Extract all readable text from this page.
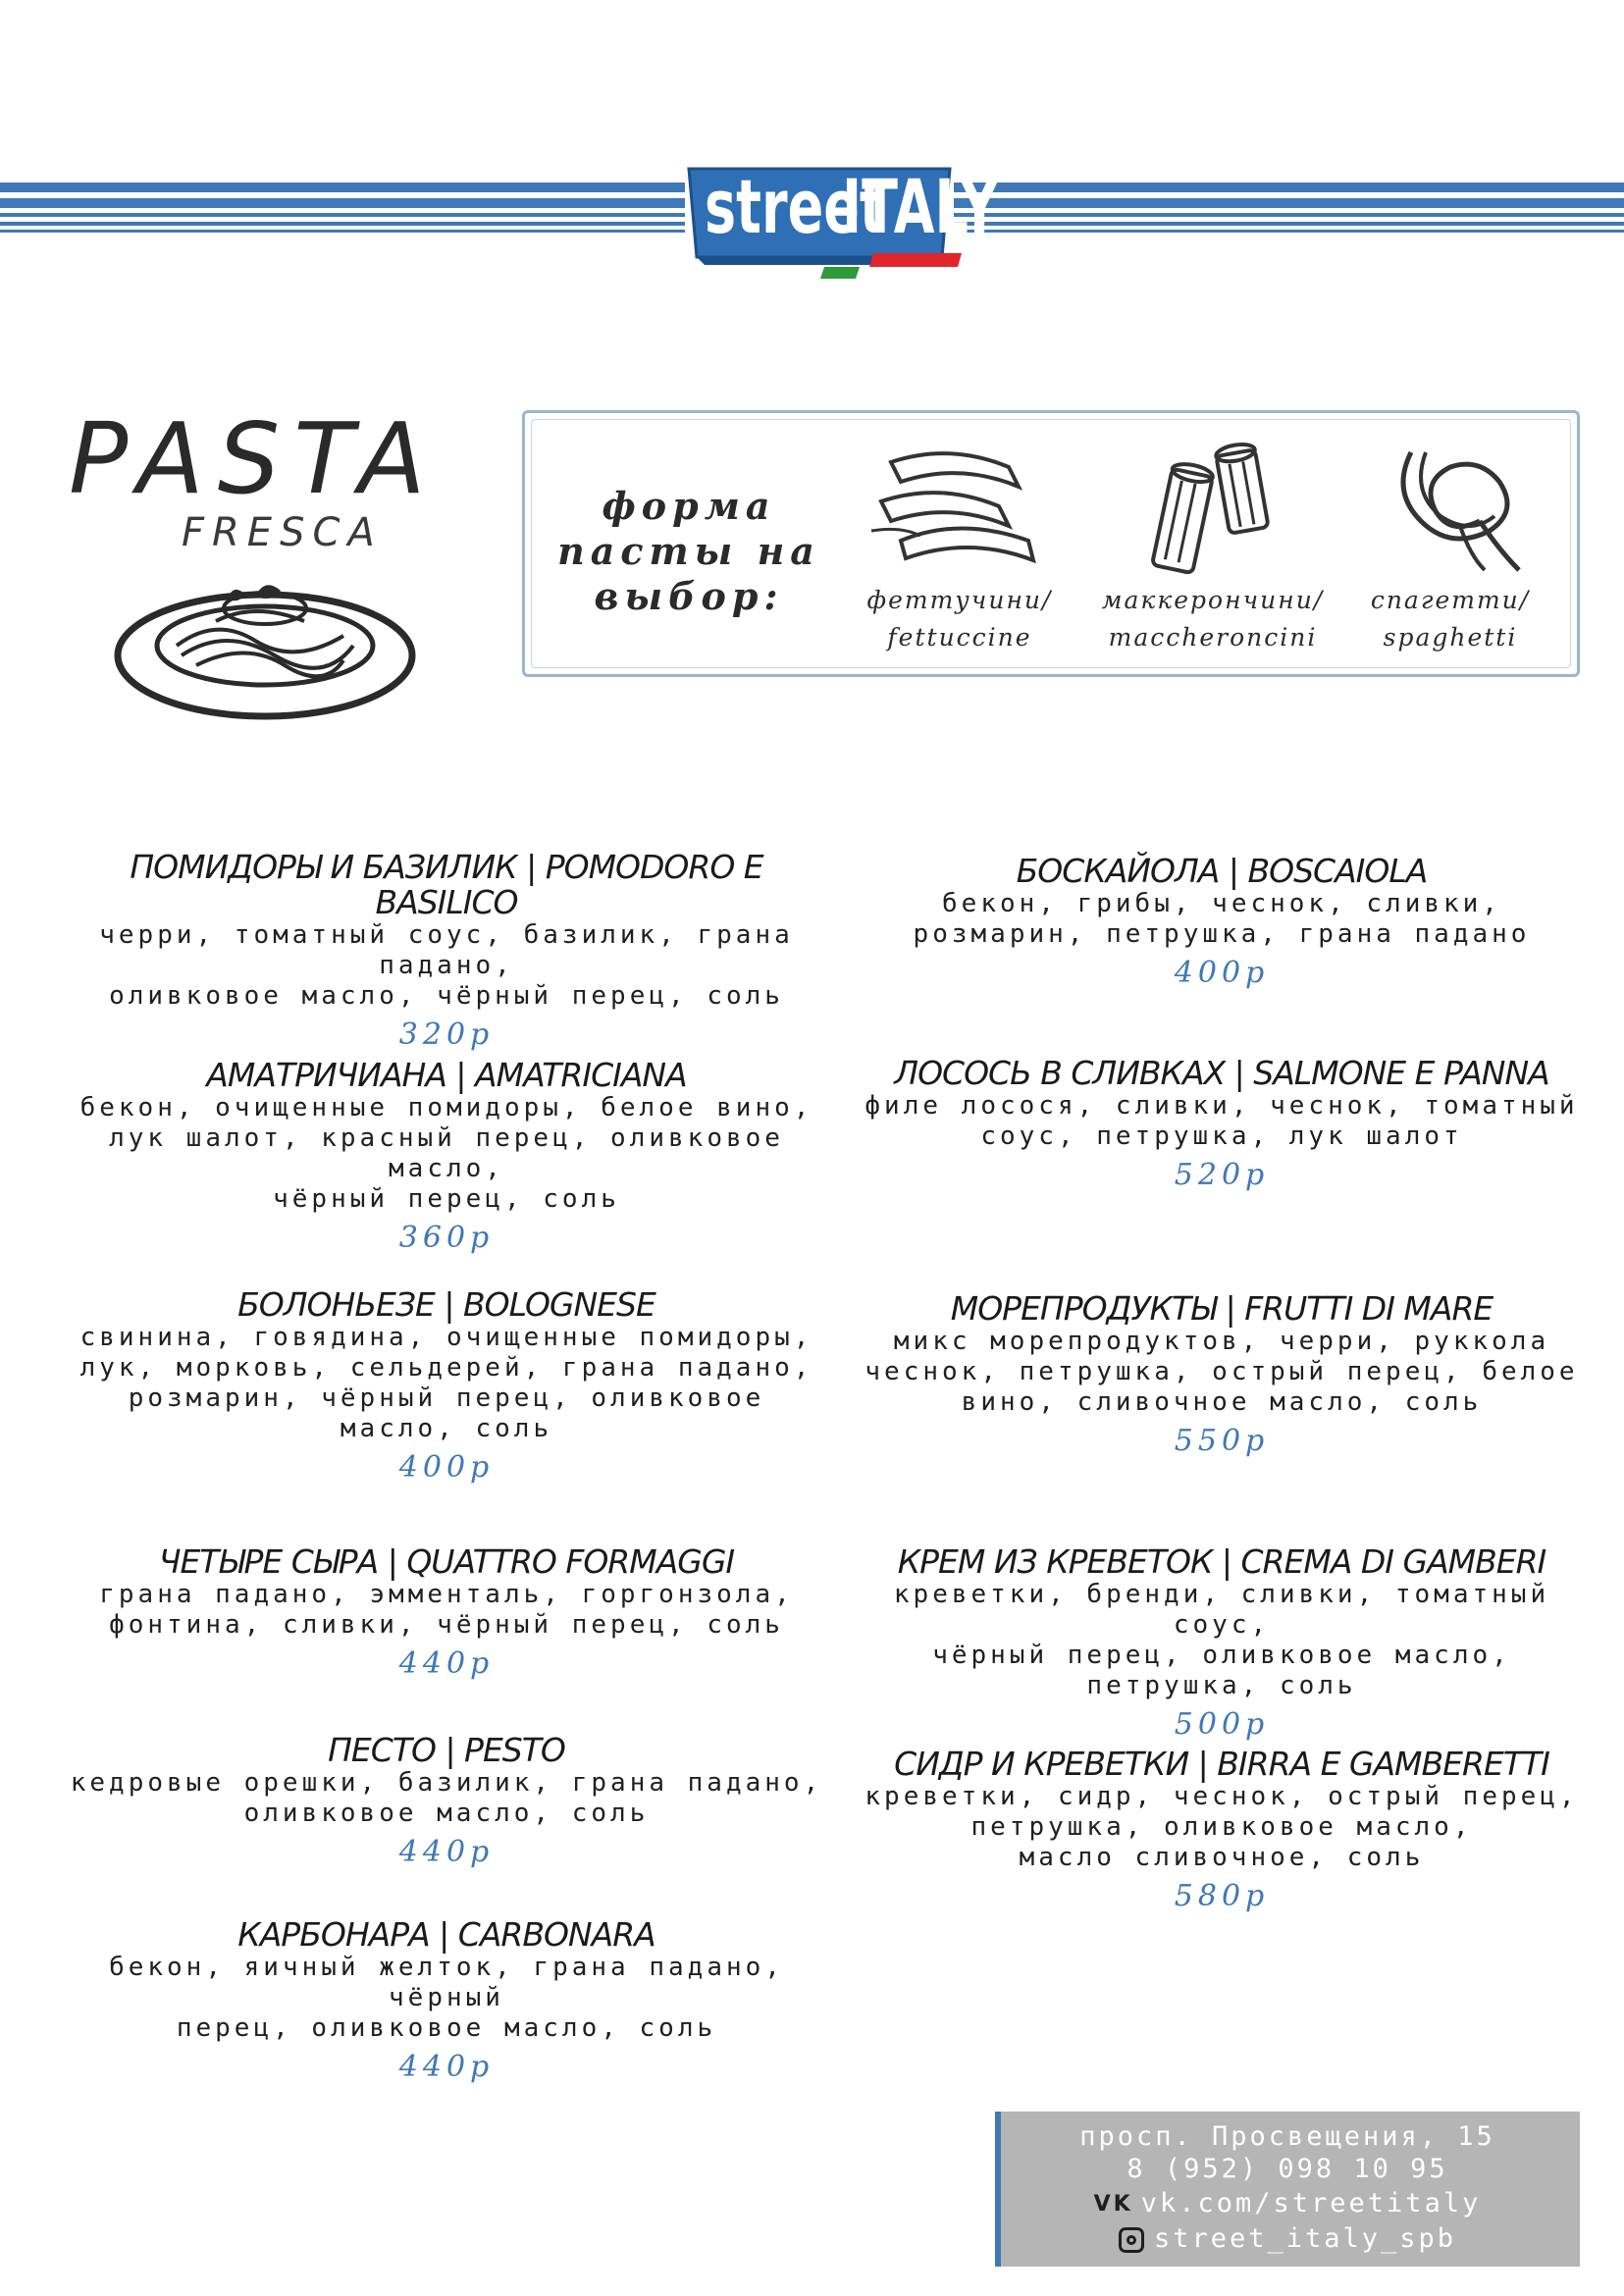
street
ITALY
PASTA
FRESCA
форма
пасты на
выбор:	феттучини/
fettuccine
маккерончини/
maccheroncini
спагетти/
spaghetti
ПОМИДОРЫ И БАЗИЛИК | POMODORO E BASILICO
черри, томатный соус, базилик, грана падано,
оливковое масло, чёрный перец, соль
320р
АМАТРИЧИАНА | AMATRICIANA
бекон, очищенные помидоры, белое вино,
лук шалот, красный перец, оливковое масло,
чёрный перец, соль
360р
БОЛОНЬЕЗЕ | BOLOGNESE
свинина, говядина, очищенные помидоры,
лук, морковь, сельдерей, грана падано,
розмарин, чёрный перец, оливковое
масло, соль
400р
ЧЕТЫРЕ СЫРА | QUATTRO FORMAGGI
грана падано, эмменталь, горгонзола,
фонтина, сливки, чёрный перец, соль
440р
ПЕСТО | PESTO
кедровые орешки, базилик, грана падано,
оливковое масло, соль
440р
КАРБОНАРА | CARBONARA
бекон, яичный желток, грана падано, чёрный
перец, оливковое масло, соль
440р
БОСКАЙОЛА | BOSCAIOLA
бекон, грибы, чеснок, сливки,
розмарин, петрушка, грана падано
400р
ЛОСОСЬ В СЛИВКАХ | SALMONE E PANNA
филе лосося, сливки, чеснок, томатный
соус, петрушка, лук шалот
520р
МОРЕПРОДУКТЫ | FRUTTI DI MARE
микс морепродуктов, черри, руккола
чеснок, петрушка, острый перец, белое
вино, сливочное масло, соль
550р
КРЕМ ИЗ КРЕВЕТОК | CREMA DI GAMBERI
креветки, бренди, сливки, томатный соус,
чёрный перец, оливковое масло,
петрушка, соль
500р
СИДР И КРЕВЕТКИ | BIRRA E GAMBERETTI
креветки, сидр, чеснок, острый перец,
петрушка, оливковое масло,
масло сливочное, соль
580р
просп. Просвещения, 15
8 (952) 098 10 95
VK vk.com/streetitaly
street_italy_spb
